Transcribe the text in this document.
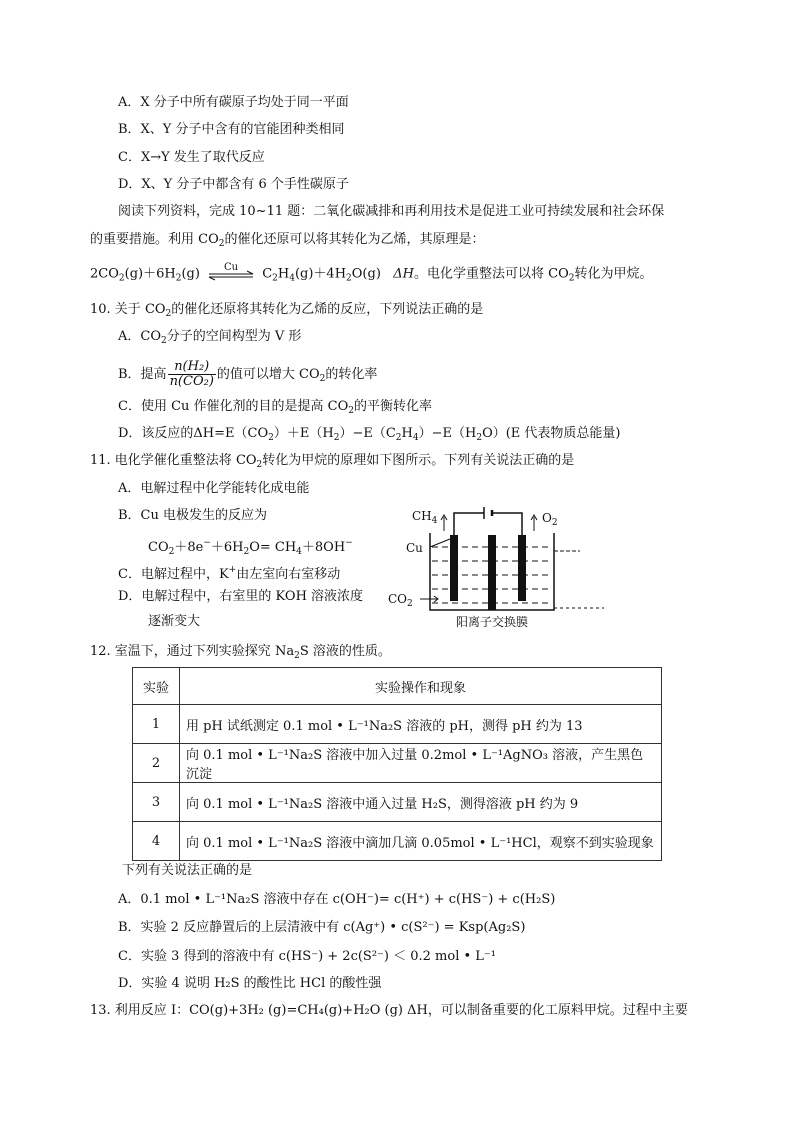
A．X 分子中所有碳原子均处于同一平面
B．X、Y 分子中含有的官能团种类相同
C．X→Y 发生了取代反应
D．X、Y 分子中都含有 6 个手性碳原子
阅读下列资料，完成 10~11 题：二氧化碳减排和再利用技术是促进工业可持续发展和社会环保
的重要措施。利用 $CO_2$的催化还原可以将其转化为乙烯，其原理是：
$2CO_2(g)+6H_2(g)$	Cu	$C_2H_4(g)+4H_2O(g)$ ΔH。电化学重整法可以将 $CO_2$转化为甲烷。
10. 关于 $CO_2$的催化还原将其转化为乙烯的反应，下列说法正确的是
A．$CO_2$分子的空间构型为 V 形
B．提高 $\frac{\text{n(H₂)}}{\text{n(CO₂)}}$ 的值可以增大 $CO_2$的转化率
C．使用 Cu 作催化剂的目的是提高 $CO_2$的平衡转化率
D．该反应的$\Delta H=E(CO_2)+E(H_2)-E(C_2H_4)-E(H_2O)(E$ 代表物质总能量)
11. 电化学催化重整法将 $CO_2$转化为甲烷的原理如下图所示。下列有关说法正确的是
A．电解过程中化学能转化成电能
B．Cu 电极发生的反应为
$CO_2+8e^-+6H_2O= CH_4+8OH^-$
C．电解过程中，K+由左室向右室移动
D．电解过程中，右室里的 KOH 溶液浓度
逐渐变大
$CH_4$	$O_2$
Cu
$CO_2$
阳离子交换膜
12. 室温下，通过下列实验探究 $Na_2S$ 溶液的性质。
实验	实验操作和现象
1	用 pH 试纸测定 0.1 mol • L⁻¹Na₂S 溶液的 pH，测得 pH 约为 13
2	向 0.1 mol • L⁻¹Na₂S 溶液中加入过量 0.2mol • L⁻¹AgNO₃ 溶液，产生黑色沉淀
3	向 0.1 mol • L⁻¹Na₂S 溶液中通入过量 H₂S，测得溶液 pH 约为 9
4	向 0.1 mol • L⁻¹Na₂S 溶液中滴加几滴 0.05mol • L⁻¹HCl，观察不到实验现象
下列有关说法正确的是
A．0.1 mol • L⁻¹Na₂S 溶液中存在 c(OH⁻)= c(H⁺) + c(HS⁻) + c(H₂S)
B．实验 2 反应静置后的上层清液中有 c(Ag⁺) • c(S²⁻) = Ksp(Ag₂S)
C．实验 3 得到的溶液中有 c(HS⁻) + 2c(S²⁻) ＜ 0.2 mol • L⁻¹
D．实验 4 说明 H₂S 的酸性比 HCl 的酸性强
13. 利用反应 I：CO(g)+3H₂ (g)=CH₄(g)+H₂O (g) ΔH，可以制备重要的化工原料甲烷。过程中主要
